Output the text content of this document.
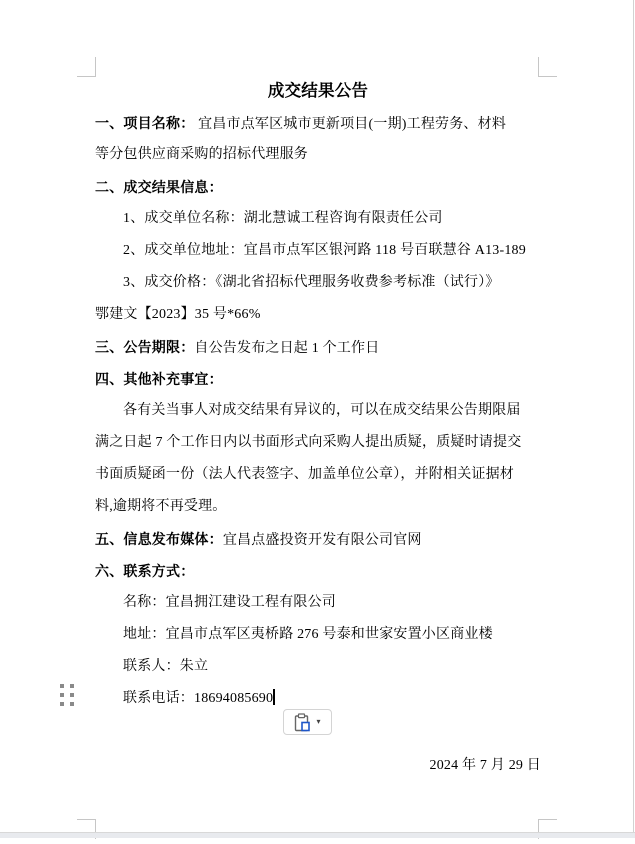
成交结果公告
一、项目名称： 宜昌市点军区城市更新项目(一期)工程劳务、材料
等分包供应商采购的招标代理服务
二、成交结果信息：
1、成交单位名称：湖北慧诚工程咨询有限责任公司
2、成交单位地址：宜昌市点军区银河路 118 号百联慧谷 A13-189
3、成交价格：《湖北省招标代理服务收费参考标准（试行）》
鄂建文【2023】35 号*66%
三、公告期限：自公告发布之日起 1 个工作日
四、其他补充事宜：
各有关当事人对成交结果有异议的，可以在成交结果公告期限届
满之日起 7 个工作日内以书面形式向采购人提出质疑，质疑时请提交
书面质疑函一份（法人代表签字、加盖单位公章），并附相关证据材
料,逾期将不再受理。
五、信息发布媒体：宜昌点盛投资开发有限公司官网
六、联系方式：
名称：宜昌拥江建设工程有限公司
地址：宜昌市点军区夷桥路 276 号泰和世家安置小区商业楼
联系人：朱立
联系电话：18694085690
2024 年 7 月 29 日
▾
